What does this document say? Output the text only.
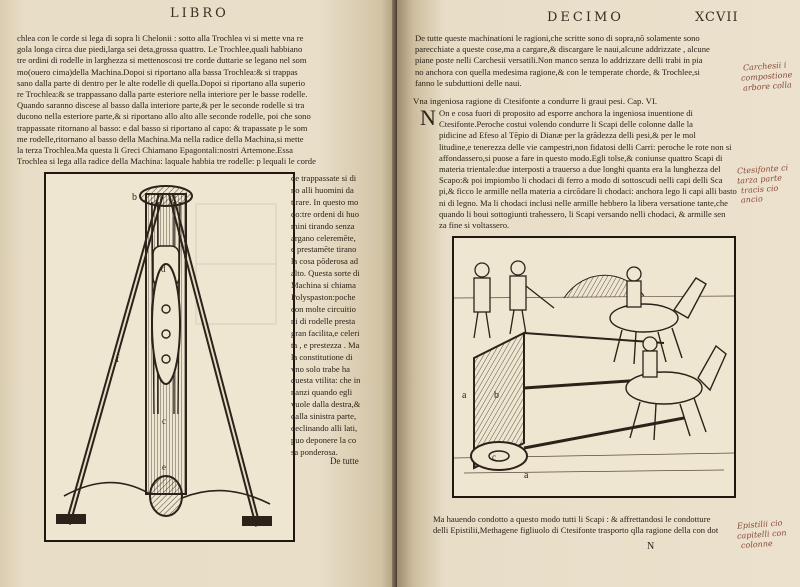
LIBRO
chlea con le corde si lega di sopra li Chelonii : sotto alla Trochlea vi si mette vna re
gola longa circa due piedi,larga sei deta,grossa quattro. Le Trochlee,quali habbiano
tre ordini di rodelle in larghezza si mettenoscosi tre corde duttarie se legano nel som
mo(ouero cima)della Machina.Dopoi si riportano alla bassa Trochlea:& si trappas
sano dalla parte di dentro per le alte rodelle di quella.Dopoi si riportano alla superio
re Trochlea:& se trappassano dalla parte esteriore nella interiore per le basse rodelle.
Quando saranno discese al basso dalla interiore parte,& per le seconde rodelle si tra
ducono nella esteriore parte,& si riportano allo alto alle seconde rodelle, poi che sono
trappassate ritornano al basso: e dal basso si riportano al capo: & trapassate p le som
me rodelle,ritornano al basso della Machina.Ma nella radice della Machina,si mette
la terza Trochlea.Ma questa li Greci Chiamano Epagontali:nostri Artemone.Essa
Trochlea si lega alla radice della Machina: laquale habbia tre rodelle: p lequali le corde
b
f
d
c
e
de trappassate si di
no alli huomini da
tirare. In questo mo
do:tre ordeni di huo
mini tirando senza
argano celeremēte,
e prestamēte tirano
la cosa pōderosa ad
alto. Questa sorte di
Machina si chiama
Polyspaston:poche
con molte circuitio
ni di rodelle presta
gran facilita,e celeri
ta , e prestezza . Ma
la constitutione di
vno solo trabe ha
questa vtilita: che in
nanzi quando egli
vuole dalla destra,&
dalla sinistra parte,
declinando alli lati,
puo deponere la co
sa ponderosa.
De tutte
DECIMO	XCVII
De tutte queste machinationi le ragioni,che scritte sono di sopra,nō solamente sono
parecchiate a queste cose,ma a cargare,& discargare le naui,alcune addrizzate , alcune
piane poste nelli Carchesii versatili.Non manco senza lo addrizzare delli trabi in pia
no anchora con quella medesima ragione,& con le temperate chorde, & Trochlee,si
fanno le subduttioni delle naui.
Vna ingeniosa ragione di Ctesifonte a condurre li graui pesi. Cap. VI.
N On e cosa fuori di proposito ad esporre anchora la ingeniosa inuentione di
Ctesifonte.Peroche costui volendo condurre li Scapi delle colonne dalle la
pidicine ad Efeso al Tēpio di Dianæ per la grādezza delli pesi,& per le mol
litudine,e tenerezza delle vie campestri,non fidatosi delli Carri: peroche le rote non si
affondassero,si puose a fare in questo modo.Egli tolse,& coniunse quattro Scapi di
materia trientale:due interposti a trauerso a due longhi quanta era la lunghezza del
Scapo:& poi impiombo li chodaci di ferro a modo di sottoscudi nelli capi delli Sca
pi,& ficco le armille nella materia a circōdare li chodaci: anchora lego li capi alli basto
ni di legno. Ma li chodaci inclusi nelle armille hebbero la libera versatione tante,che
quando li boui sottogiunti trahessero, li Scapi versando nelli chodaci, & armille sen
za fine si voltassero.
a	b
c
a
Ma hauendo condotto a questo modo tutti li Scapi : & affrettandosi le condotture
delli Epistilii,Methagene figliuolo di Ctesifonte trasporto qlla ragione della con dot
N
Carchesii i
compostione
arbore colla
Ctesifonte ci
tarza parte
tracis cio
ancio
Epistilii cio
capitelli con
colonne
